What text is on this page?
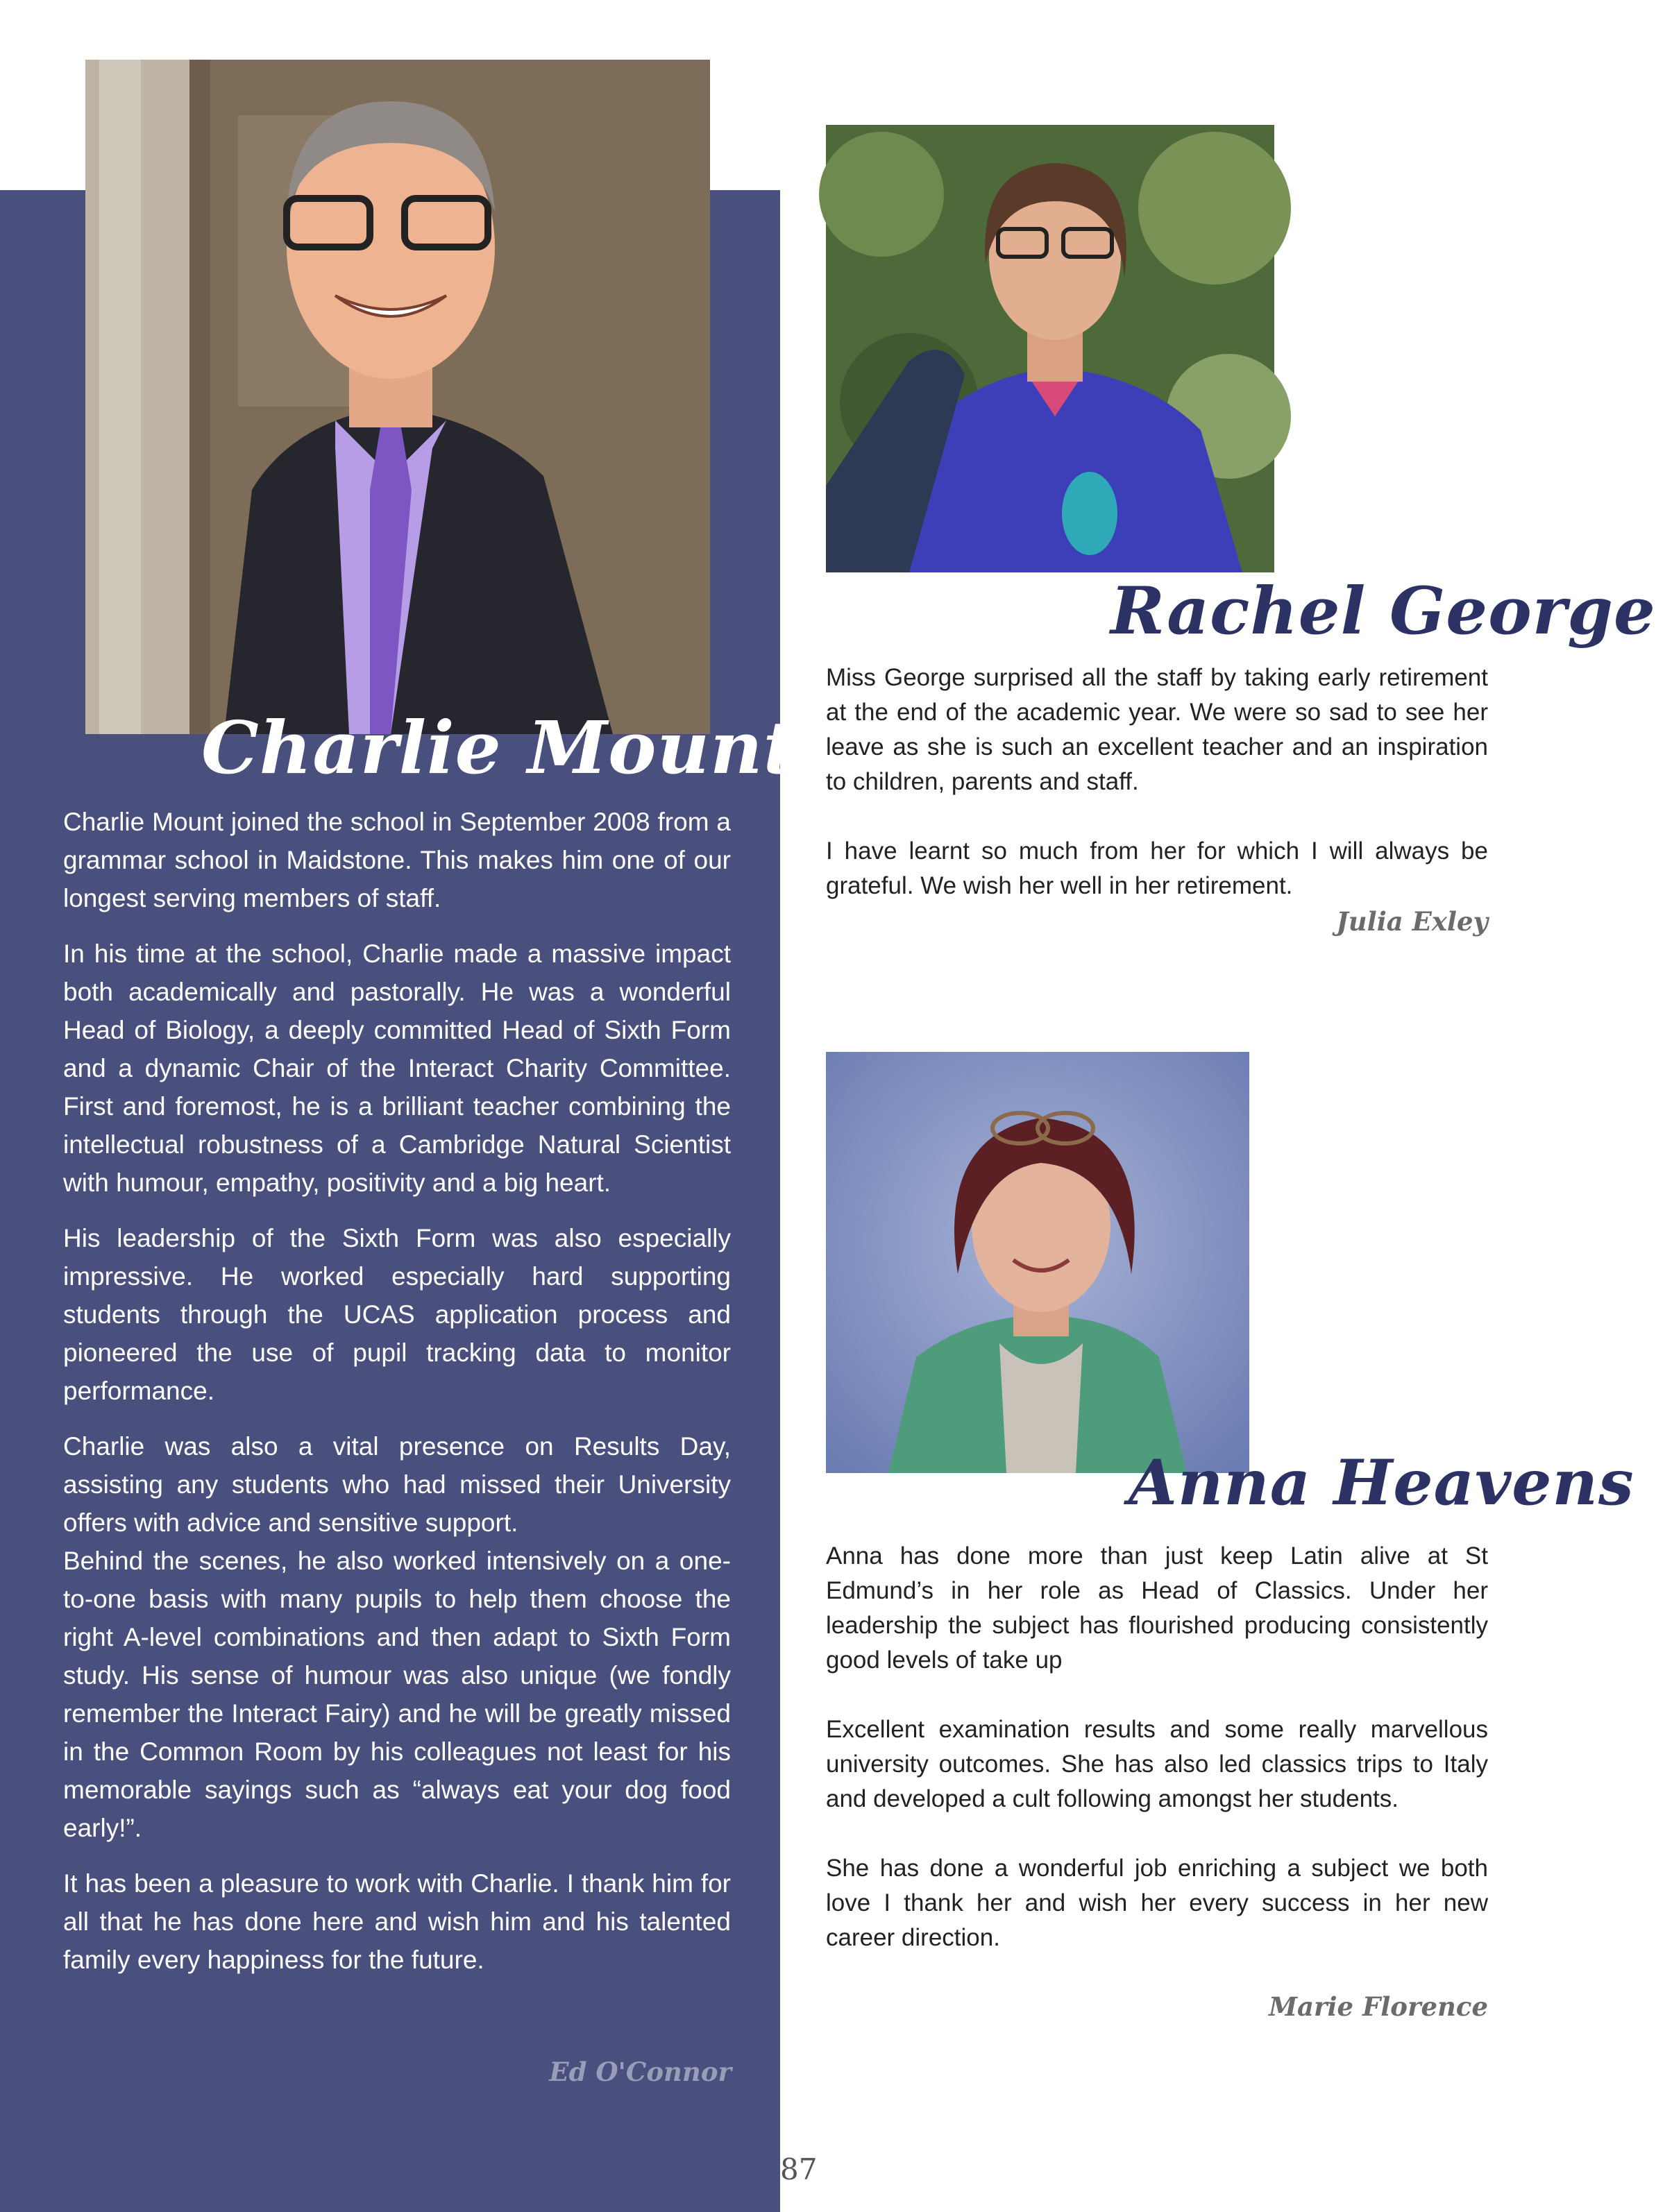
Charlie Mount

Charlie Mount joined the school in September 2008 from a grammar school in Maidstone. This makes him one of our longest serving members of staff.

In his time at the school, Charlie made a massive impact both academically and pastorally. He was a wonderful Head of Biology, a deeply committed Head of Sixth Form and a dynamic Chair of the Interact Charity Committee. First and foremost, he is a brilliant teacher combining the intellectual robustness of a Cambridge Natural Scientist with humour, empathy, positivity and a big heart.

His leadership of the Sixth Form was also especially impressive. He worked especially hard supporting students through the UCAS application process and pioneered the use of pupil tracking data to monitor performance.

Charlie was also a vital presence on Results Day, assisting any students who had missed their University offers with advice and sensitive support.

Behind the scenes, he also worked intensively on a one-to-one basis with many pupils to help them choose the right A-level combinations and then adapt to Sixth Form study. His sense of humour was also unique (we fondly remember the Interact Fairy) and he will be greatly missed in the Common Room by his colleagues not least for his memorable sayings such as “always eat your dog food early!”.

It has been a pleasure to work with Charlie. I thank him for all that he has done here and wish him and his talented family every happiness for the future.

Ed O'Connor
Rachel George

Miss George surprised all the staff by taking early retirement at the end of the academic year. We were so sad to see her leave as she is such an excellent teacher and an inspiration to children, parents and staff.

I have learnt so much from her for which I will always be grateful. We wish her well in her retirement.

Julia Exley
Anna Heavens

Anna has done more than just keep Latin alive at St Edmund’s in her role as Head of Classics. Under her leadership the subject has flourished producing consistently good levels of take up

Excellent examination results and some really marvellous university outcomes. She has also led classics trips to Italy and developed a cult following amongst her students.

She has done a wonderful job enriching a subject we both love I thank her and wish her every success in her new career direction.

Marie Florence
87
